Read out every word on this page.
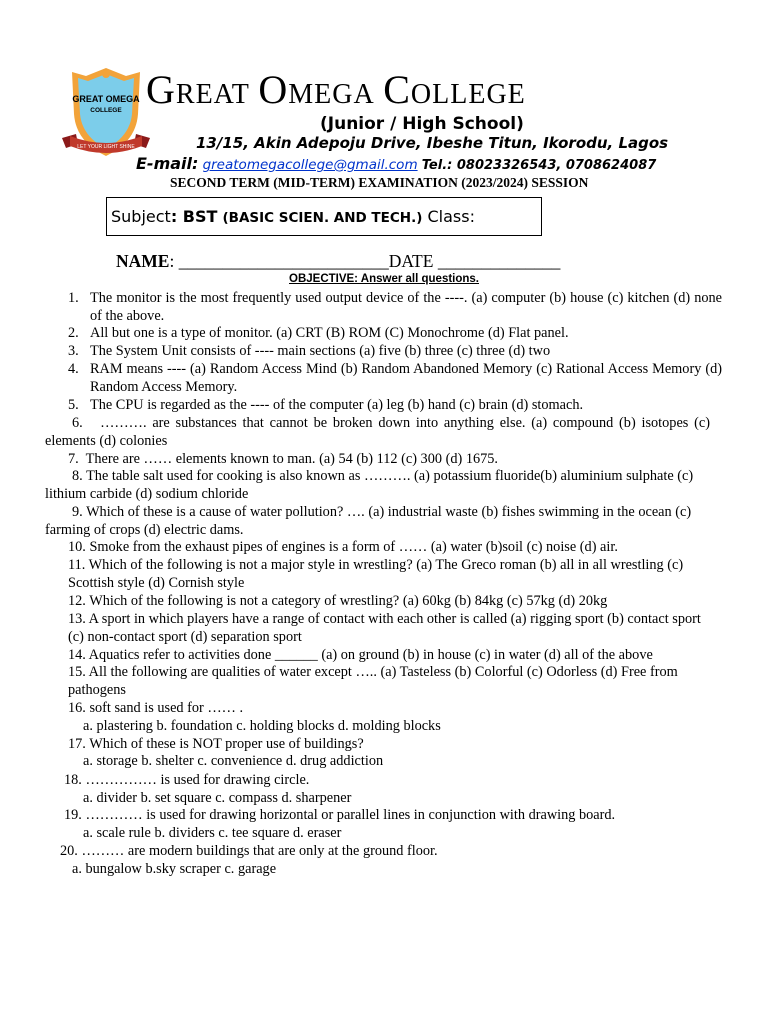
GREAT OMEGA
COLLEGE
LET YOUR LIGHT SHINE
GREAT OMEGA COLLEGE
(Junior / High School)
13/15, Akin Adepoju Drive, Ibeshe Titun, Ikorodu, Lagos
E-mail: greatomegacollege@gmail.com Tel.: 08023326543, 0708624087
SECOND TERM (MID-TERM) EXAMINATION (2023/2024) SESSION
Subject: BST (BASIC SCIEN. AND TECH.) Class:
NAME: ________________________DATE ______________
OBJECTIVE: Answer all questions.
1. The monitor is the most frequently used output device of the ----. (a) computer (b) house (c) kitchen (d) none of the above.
2. All but one is a type of monitor. (a) CRT (B) ROM (C) Monochrome (d) Flat panel.
3. The System Unit consists of ---- main sections (a) five (b) three (c) three (d) two
4. RAM means ---- (a) Random Access Mind (b) Random Abandoned Memory (c) Rational Access Memory (d) Random Access Memory.
5. The CPU is regarded as the ---- of the computer (a) leg (b) hand (c) brain (d) stomach.
6. ………. are substances that cannot be broken down into anything else. (a) compound (b) isotopes (c) elements (d) colonies
7. There are …… elements known to man. (a) 54 (b) 112 (c) 300 (d) 1675.
8. The table salt used for cooking is also known as ………. (a) potassium fluoride(b) aluminium sulphate (c) lithium carbide (d) sodium chloride
9. Which of these is a cause of water pollution? …. (a) industrial waste (b) fishes swimming in the ocean (c) farming of crops (d) electric dams.
10. Smoke from the exhaust pipes of engines is a form of …… (a) water (b)soil (c) noise (d) air.
11. Which of the following is not a major style in wrestling? (a) The Greco roman (b) all in all wrestling (c) Scottish style (d) Cornish style
12. Which of the following is not a category of wrestling? (a) 60kg (b) 84kg (c) 57kg (d) 20kg
13. A sport in which players have a range of contact with each other is called (a) rigging sport (b) contact sport (c) non-contact sport (d) separation sport
14. Aquatics refer to activities done ______ (a) on ground (b) in house (c) in water (d) all of the above
15. All the following are qualities of water except ….. (a) Tasteless (b) Colorful (c) Odorless (d) Free from pathogens
16. soft sand is used for …… .
a. plastering b. foundation c. holding blocks d. molding blocks
17. Which of these is NOT proper use of buildings?
a. storage b. shelter c. convenience d. drug addiction
18. …………… is used for drawing circle.
a. divider b. set square c. compass d. sharpener
19. ………… is used for drawing horizontal or parallel lines in conjunction with drawing board.
a. scale rule b. dividers c. tee square d. eraser
20. ……… are modern buildings that are only at the ground floor.
a. bungalow b.sky scraper c. garage
